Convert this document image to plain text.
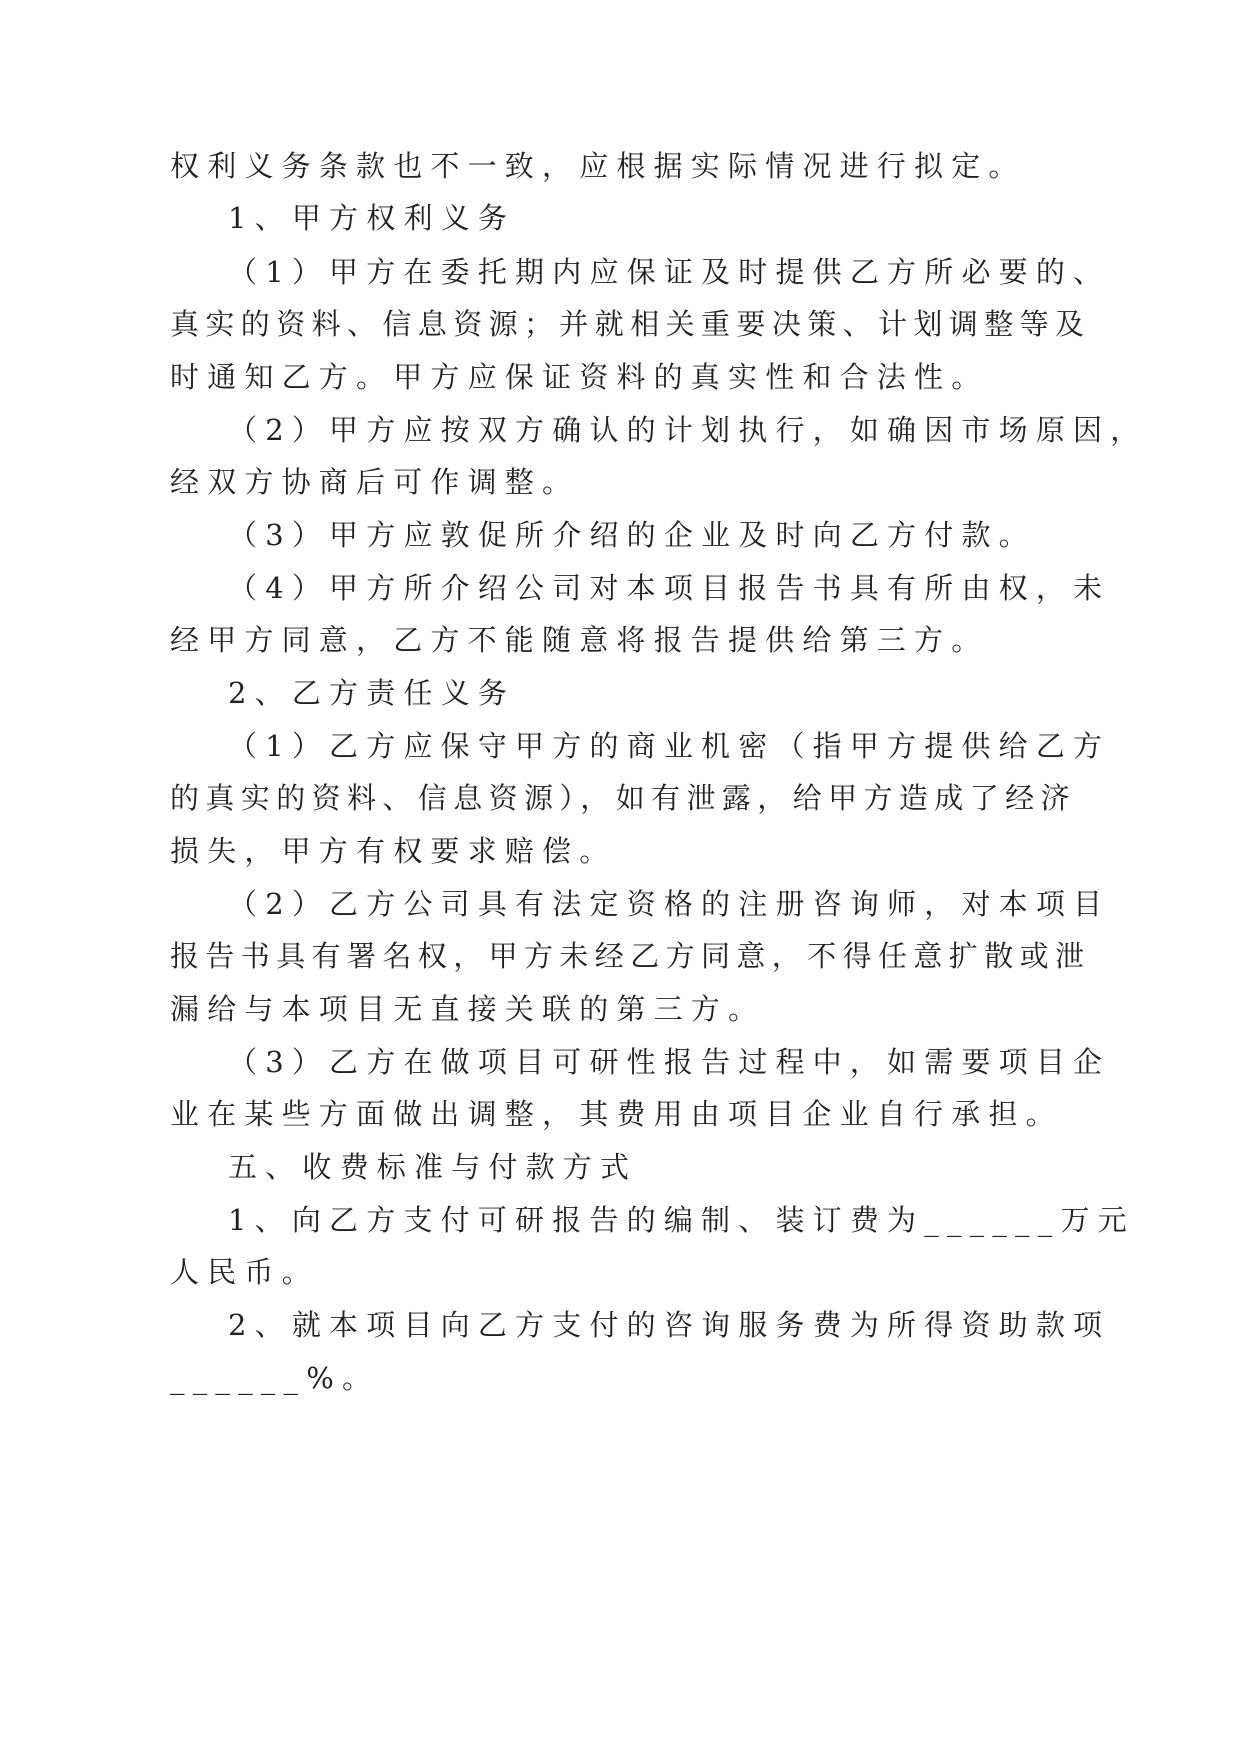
权利义务条款也不一致，应根据实际情况进行拟定。
1、甲方权利义务
（1）甲方在委托期内应保证及时提供乙方所必要的、
真实的资料、信息资源；并就相关重要决策、计划调整等及
时通知乙方。甲方应保证资料的真实性和合法性。
（2）甲方应按双方确认的计划执行，如确因市场原因，
经双方协商后可作调整。
（3）甲方应敦促所介绍的企业及时向乙方付款。
（4）甲方所介绍公司对本项目报告书具有所由权，未
经甲方同意，乙方不能随意将报告提供给第三方。
2、乙方责任义务
（1）乙方应保守甲方的商业机密（指甲方提供给乙方
的真实的资料、信息资源），如有泄露，给甲方造成了经济
损失，甲方有权要求赔偿。
（2）乙方公司具有法定资格的注册咨询师，对本项目
报告书具有署名权，甲方未经乙方同意，不得任意扩散或泄
漏给与本项目无直接关联的第三方。
（3）乙方在做项目可研性报告过程中，如需要项目企
业在某些方面做出调整，其费用由项目企业自行承担。
五、收费标准与付款方式
1、向乙方支付可研报告的编制、装订费为______万元
人民币。
2、就本项目向乙方支付的咨询服务费为所得资助款项
______%。
